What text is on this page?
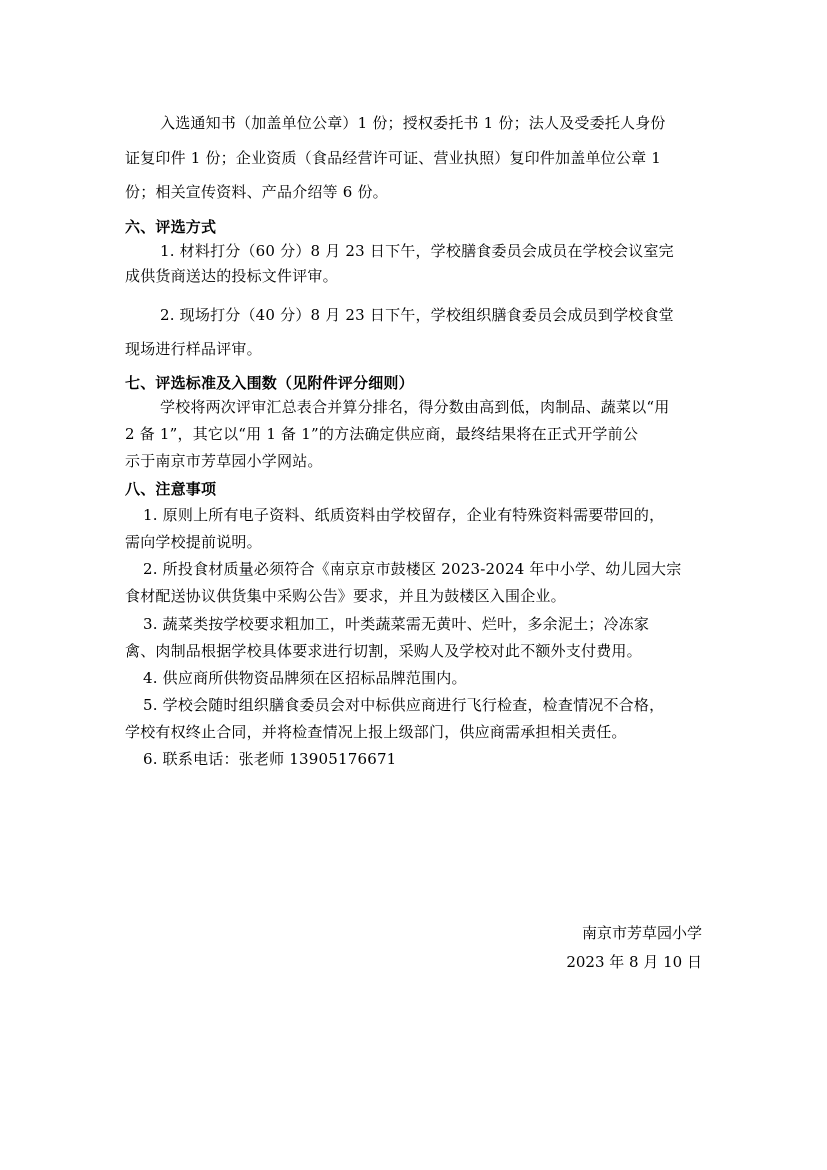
入选通知书（加盖单位公章）1 份；授权委托书 1 份；法人及受委托人身份
证复印件 1 份；企业资质（食品经营许可证、营业执照）复印件加盖单位公章 1
份；相关宣传资料、产品介绍等 6 份。
六、评选方式
1. 材料打分（60 分）8 月 23 日下午，学校膳食委员会成员在学校会议室完
成供货商送达的投标文件评审。
2. 现场打分（40 分）8 月 23 日下午，学校组织膳食委员会成员到学校食堂
现场进行样品评审。
七、评选标准及入围数（见附件评分细则）
学校将两次评审汇总表合并算分排名，得分数由高到低，肉制品、蔬菜以“用
2 备 1”，其它以“用 1 备 1”的方法确定供应商，最终结果将在正式开学前公
示于南京市芳草园小学网站。
八、注意事项
1. 原则上所有电子资料、纸质资料由学校留存，企业有特殊资料需要带回的，
需向学校提前说明。
2. 所投食材质量必须符合《南京京市鼓楼区 2023-2024 年中小学、幼儿园大宗
食材配送协议供货集中采购公告》要求，并且为鼓楼区入围企业。
3. 蔬菜类按学校要求粗加工，叶类蔬菜需无黄叶、烂叶，多余泥土；冷冻家
禽、肉制品根据学校具体要求进行切割，采购人及学校对此不额外支付费用。
4. 供应商所供物资品牌须在区招标品牌范围内。
5. 学校会随时组织膳食委员会对中标供应商进行飞行检查，检查情况不合格，
学校有权终止合同，并将检查情况上报上级部门，供应商需承担相关责任。
6. 联系电话：张老师 13905176671
南京市芳草园小学
2023 年 8 月 10 日
